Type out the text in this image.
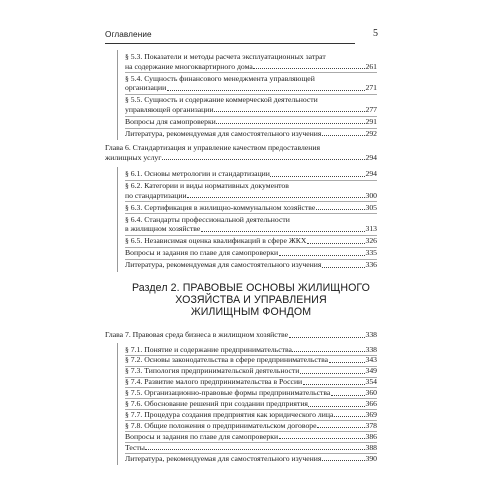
Оглавление	5
§ 5.3. Показатели и методы расчета эксплуатационных затрат
на содержание многоквартирного дома	261
§ 5.4. Сущность финансового менеджмента управляющей
организации	271
§ 5.5. Сущность и содержание коммерческой деятельности
управляющей организации	277
Вопросы для самопроверки	291
Литература, рекомендуемая для самостоятельного изучения	292
Глава 6. Стандартизация и управление качеством предоставления
жилищных услуг	294
§ 6.1. Основы метрологии и стандартизации	294
§ 6.2. Категории и виды нормативных документов
по стандартизации	300
§ 6.3. Сертификация в жилищно-коммунальном хозяйстве	305
§ 6.4. Стандарты профессиональной деятельности
в жилищном хозяйстве	313
§ 6.5. Независимая оценка квалификаций в сфере ЖКХ	326
Вопросы и задания по главе для самопроверки	335
Литература, рекомендуемая для самостоятельного изучения	336
Глава 7. Правовая среда бизнеса в жилищном хозяйстве	338
§ 7.1. Понятие и содержание предпринимательства	338
§ 7.2. Основы законодательства в сфере предпринимательства	343
§ 7.3. Типология предпринимательской деятельности	349
§ 7.4. Развитие малого предпринимательства в России	354
§ 7.5. Организационно-правовые формы предпринимательства	360
§ 7.6. Обоснование решений при создании предприятия	366
§ 7.7. Процедура создания предприятия как юридического лица	369
§ 7.8. Общие положения о предпринимательском договоре	378
Вопросы и задания по главе для самопроверки	386
Тесты	388
Литература, рекомендуемая для самостоятельного изучения	390
Раздел 2. ПРАВОВЫЕ ОСНОВЫ ЖИЛИЩНОГО
ХОЗЯЙСТВА И УПРАВЛЕНИЯ
ЖИЛИЩНЫМ ФОНДОМ
